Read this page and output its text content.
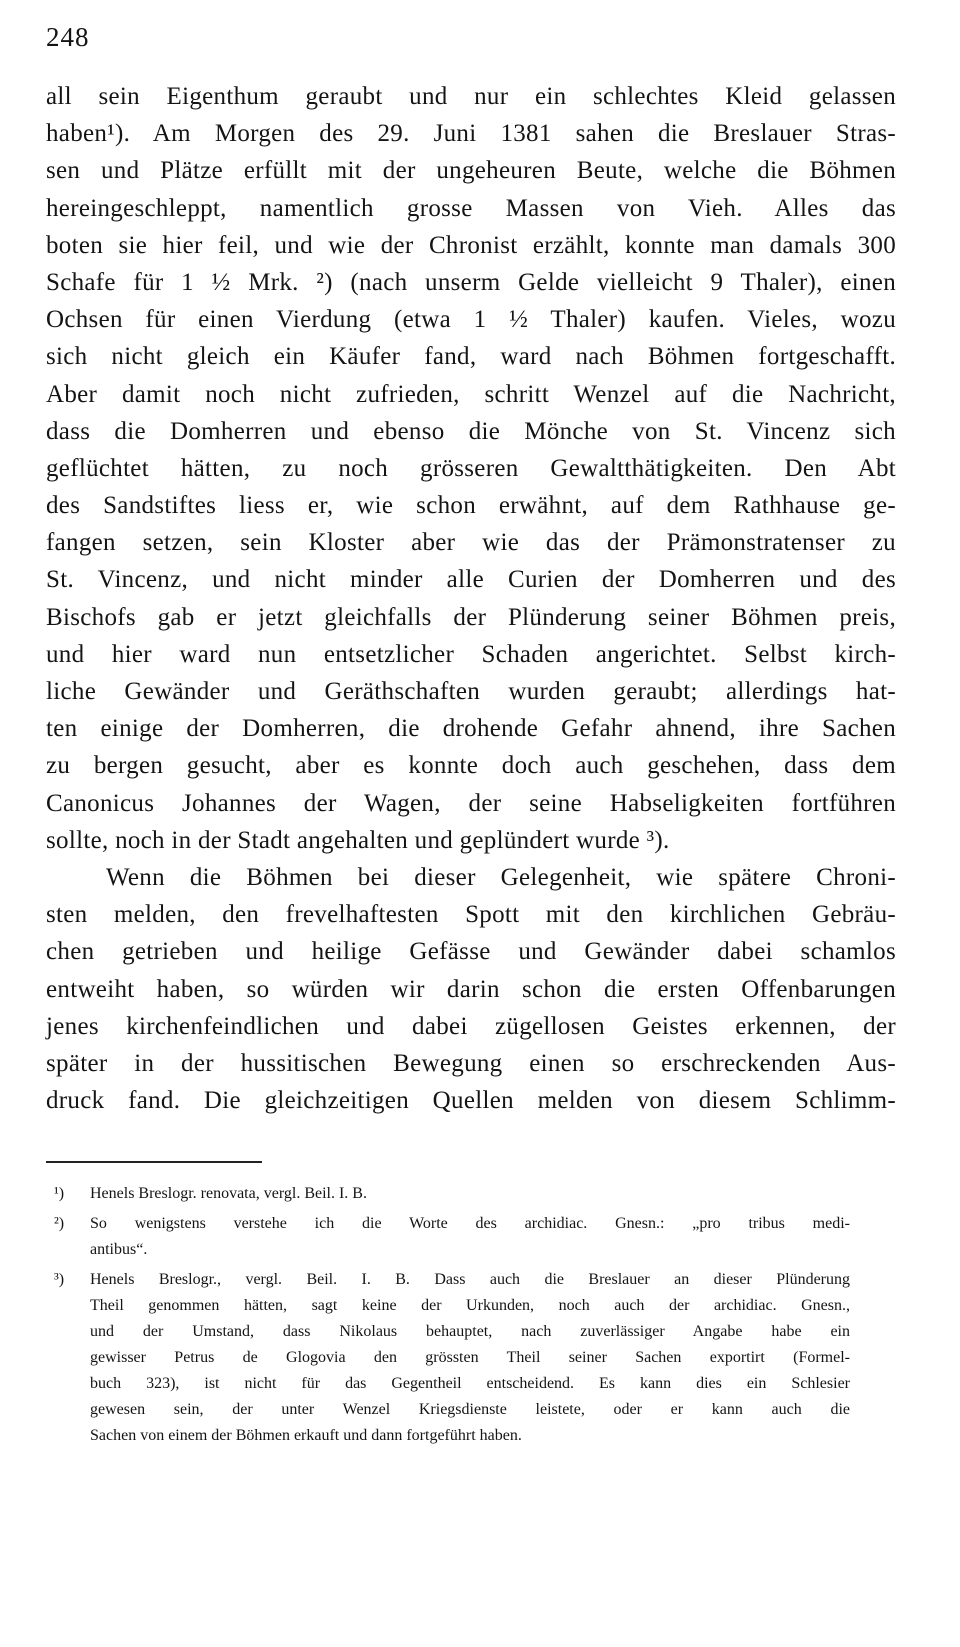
248
all sein Eigenthum geraubt und nur ein schlechtes Kleid gelassen
haben¹). Am Morgen des 29. Juni 1381 sahen die Breslauer Stras-
sen und Plätze erfüllt mit der ungeheuren Beute, welche die Böhmen
hereingeschleppt, namentlich grosse Massen von Vieh. Alles das
boten sie hier feil, und wie der Chronist erzählt, konnte man damals 300
Schafe für 1 ½ Mrk. ²) (nach unserm Gelde vielleicht 9 Thaler), einen
Ochsen für einen Vierdung (etwa 1 ½ Thaler) kaufen. Vieles, wozu
sich nicht gleich ein Käufer fand, ward nach Böhmen fortgeschafft.
Aber damit noch nicht zufrieden, schritt Wenzel auf die Nachricht,
dass die Domherren und ebenso die Mönche von St. Vincenz sich
geflüchtet hätten, zu noch grösseren Gewaltthätigkeiten. Den Abt
des Sandstiftes liess er, wie schon erwähnt, auf dem Rathhause ge-
fangen setzen, sein Kloster aber wie das der Prämonstratenser zu
St. Vincenz, und nicht minder alle Curien der Domherren und des
Bischofs gab er jetzt gleichfalls der Plünderung seiner Böhmen preis,
und hier ward nun entsetzlicher Schaden angerichtet. Selbst kirch-
liche Gewänder und Geräthschaften wurden geraubt; allerdings hat-
ten einige der Domherren, die drohende Gefahr ahnend, ihre Sachen
zu bergen gesucht, aber es konnte doch auch geschehen, dass dem
Canonicus Johannes der Wagen, der seine Habseligkeiten fortführen
sollte, noch in der Stadt angehalten und geplündert wurde ³).
Wenn die Böhmen bei dieser Gelegenheit, wie spätere Chroni-
sten melden, den frevelhaftesten Spott mit den kirchlichen Gebräu-
chen getrieben und heilige Gefässe und Gewänder dabei schamlos
entweiht haben, so würden wir darin schon die ersten Offenbarungen
jenes kirchenfeindlichen und dabei zügellosen Geistes erkennen, der
später in der hussitischen Bewegung einen so erschreckenden Aus-
druck fand. Die gleichzeitigen Quellen melden von diesem Schlimm-
¹) Henels Breslogr. renovata, vergl. Beil. I. B.
²) So wenigstens verstehe ich die Worte des archidiac. Gnesn.: „pro tribus medi-
antibus“.
³) Henels Breslogr., vergl. Beil. I. B. Dass auch die Breslauer an dieser Plünderung
Theil genommen hätten, sagt keine der Urkunden, noch auch der archidiac. Gnesn.,
und der Umstand, dass Nikolaus behauptet, nach zuverlässiger Angabe habe ein
gewisser Petrus de Glogovia den grössten Theil seiner Sachen exportirt (Formel-
buch 323), ist nicht für das Gegentheil entscheidend. Es kann dies ein Schlesier
gewesen sein, der unter Wenzel Kriegsdienste leistete, oder er kann auch die
Sachen von einem der Böhmen erkauft und dann fortgeführt haben.
